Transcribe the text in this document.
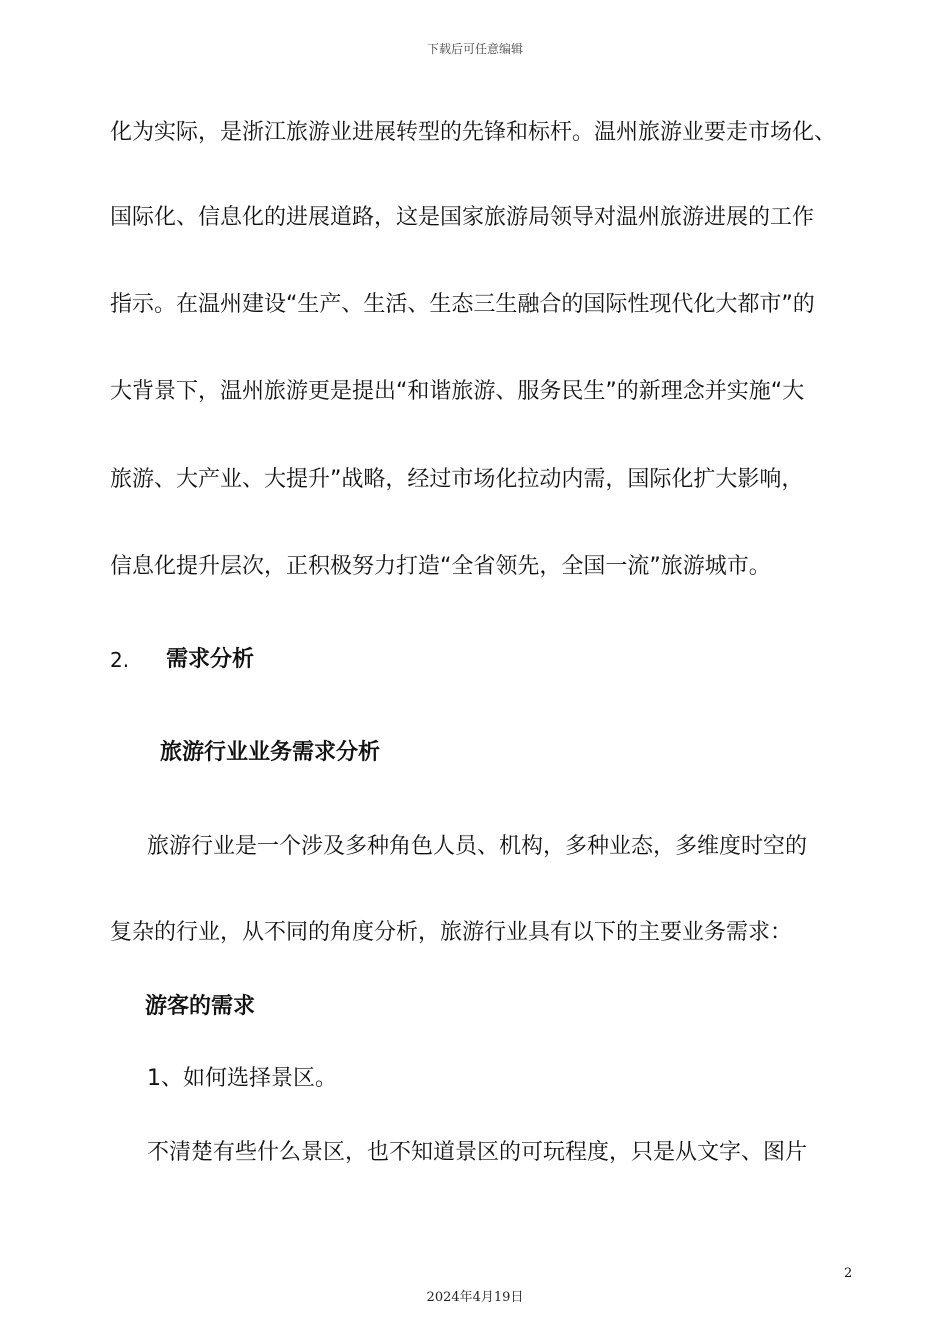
下载后可任意编辑
化为实际，是浙江旅游业进展转型的先锋和标杆。温州旅游业要走市场化、
国际化、信息化的进展道路，这是国家旅游局领导对温州旅游进展的工作
指示。在温州建设“生产、生活、生态三生融合的国际性现代化大都市”的
大背景下，温州旅游更是提出“和谐旅游、服务民生”的新理念并实施“大
旅游、大产业、大提升”战略，经过市场化拉动内需，国际化扩大影响，
信息化提升层次，正积极努力打造“全省领先，全国一流”旅游城市。
2. 需求分析
旅游行业业务需求分析
旅游行业是一个涉及多种角色人员、机构，多种业态，多维度时空的
复杂的行业，从不同的角度分析，旅游行业具有以下的主要业务需求：
游客的需求
1、如何选择景区。
不清楚有些什么景区，也不知道景区的可玩程度，只是从文字、图片
2
2024年4月19日
